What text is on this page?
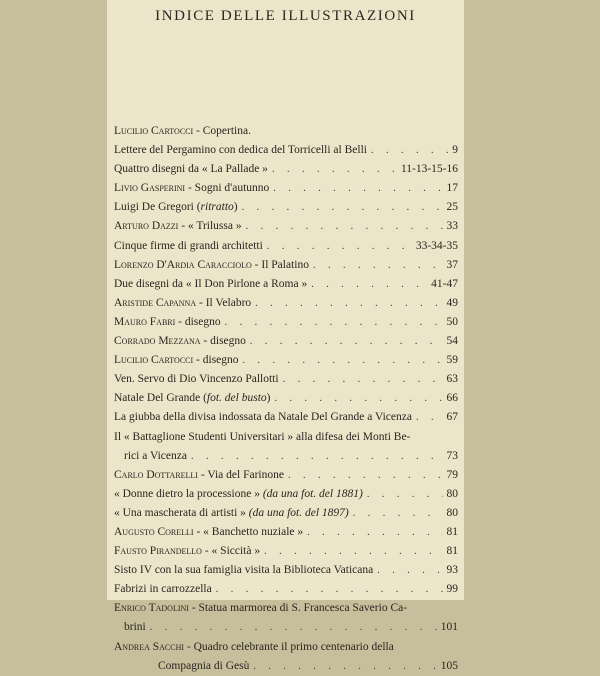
INDICE DELLE ILLUSTRAZIONI
Lucilio Cartocci - Copertina.
Letterе del Pergamino con dedica del Torricelli al Belli . . .	9
Quattro disegni da « La Pallade » . . .	11-13-15-16
Livio Gasperini - Sogni d'autunno . . .	17
Luigi De Gregori (ritratto) . . .	25
Arturo Dazzi - « Trilussa » . . .	33
Cinque firme di grandi architetti . . .	33-34-35
Lorenzo D'Ardia Caracciolo - Il Palatino . . .	37
Due disegni da « Il Don Pirlone a Roma » . . .	41-47
Aristide Capanna - Il Velabro . . .	49
Mauro Fabri - disegno . . .	50
Corrado Mezzana - disegno . . .	54
Lucilio Cartocci - disegno . . .	59
Ven. Servo di Dio Vincenzo Pallotti . . .	63
Natale Del Grande (fot. del busto) . . .	66
La giubba della divisa indossata da Natale Del Grande a Vicenza . . .	67
Il « Battaglione Studenti Universitari » alla difesa dei Monti Be-
rici a Vicenza . . .	73
Carlo Dottarelli - Via del Farinone . . .	79
« Donne dietro la processione » (da una fot. del 1881) . . .	80
« Una mascherata di artisti » (da una fot. del 1897) . . .	80
Augusto Corelli - « Banchetto nuziale » . . .	81
Fausto Pirandello - « Siccità » . . .	81
Sisto IV con la sua famiglia visita la Biblioteca Vaticana . . .	93
Fabrizi in carrozzella . . .	99
Enrico Tadolini - Statua marmorea di S. Francesca Saverio Ca-
brini . . .	101
Andrea Sacchi - Quadro celebrante il primo centenario della
Compagnia di Gesù . . .	105
